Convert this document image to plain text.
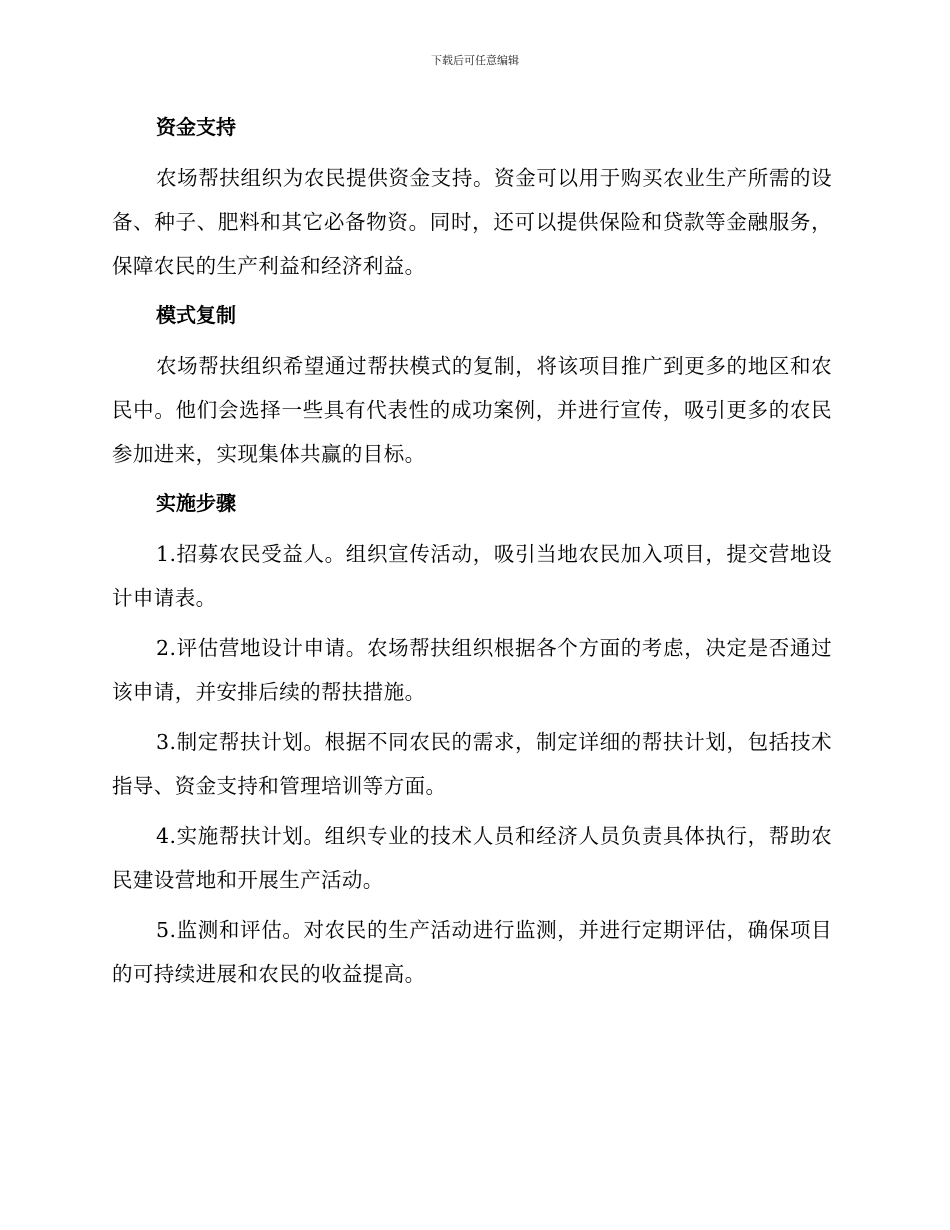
下载后可任意编辑
资金支持

农场帮扶组织为农民提供资金支持。资金可以用于购买农业生产所需的设备、种子、肥料和其它必备物资。同时，还可以提供保险和贷款等金融服务，保障农民的生产利益和经济利益。

模式复制

农场帮扶组织希望通过帮扶模式的复制，将该项目推广到更多的地区和农民中。他们会选择一些具有代表性的成功案例，并进行宣传，吸引更多的农民参加进来，实现集体共赢的目标。

实施步骤

1.招募农民受益人。组织宣传活动，吸引当地农民加入项目，提交营地设计申请表。

2.评估营地设计申请。农场帮扶组织根据各个方面的考虑，决定是否通过该申请，并安排后续的帮扶措施。

3.制定帮扶计划。根据不同农民的需求，制定详细的帮扶计划，包括技术指导、资金支持和管理培训等方面。

4.实施帮扶计划。组织专业的技术人员和经济人员负责具体执行，帮助农民建设营地和开展生产活动。

5.监测和评估。对农民的生产活动进行监测，并进行定期评估，确保项目的可持续进展和农民的收益提高。
